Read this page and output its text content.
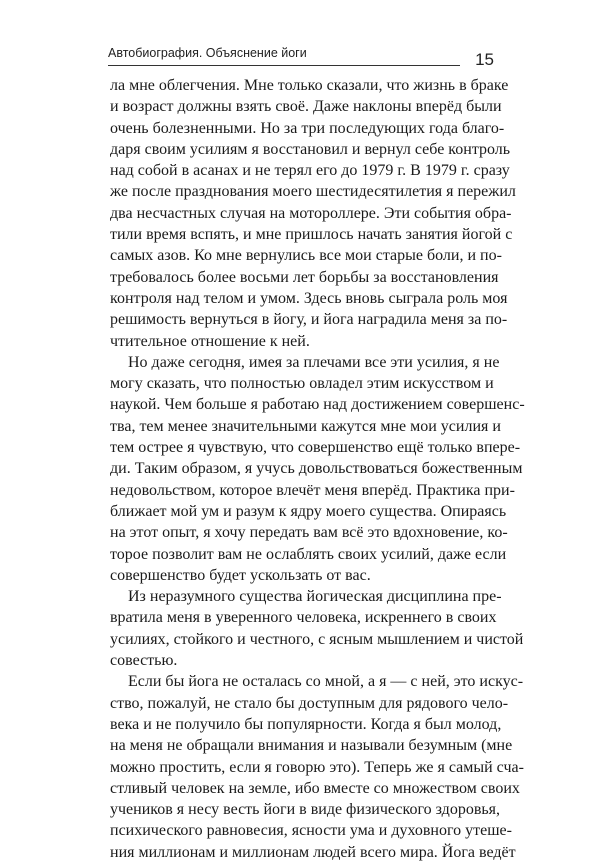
Автобиография. Объяснение йоги	15
ла мне облегчения. Мне только сказали, что жизнь в браке
и возраст должны взять своё. Даже наклоны вперёд были
очень болезненными. Но за три последующих года благо-
даря своим усилиям я восстановил и вернул себе контроль
над собой в асанах и не терял его до 1979 г. В 1979 г. сразу
же после празднования моего шестидесятилетия я пережил
два несчастных случая на мотороллере. Эти события обра-
тили время вспять, и мне пришлось начать занятия йогой с
самых азов. Ко мне вернулись все мои старые боли, и по-
требовалось более восьми лет борьбы за восстановления
контроля над телом и умом. Здесь вновь сыграла роль моя
решимость вернуться в йогу, и йога наградила меня за по-
чтительное отношение к ней.
Но даже сегодня, имея за плечами все эти усилия, я не
могу сказать, что полностью овладел этим искусством и
наукой. Чем больше я работаю над достижением совершенс-
тва, тем менее значительными кажутся мне мои усилия и
тем острее я чувствую, что совершенство ещё только впере-
ди. Таким образом, я учусь довольствоваться божественным
недовольством, которое влечёт меня вперёд. Практика при-
ближает мой ум и разум к ядру моего существа. Опираясь
на этот опыт, я хочу передать вам всё это вдохновение, ко-
торое позволит вам не ослаблять своих усилий, даже если
совершенство будет ускользать от вас.
Из неразумного существа йогическая дисциплина пре-
вратила меня в уверенного человека, искреннего в своих
усилиях, стойкого и честного, с ясным мышлением и чистой
совестью.
Если бы йога не осталась со мной, а я — с ней, это искус-
ство, пожалуй, не стало бы доступным для рядового чело-
века и не получило бы популярности. Когда я был молод,
на меня не обращали внимания и называли безумным (мне
можно простить, если я говорю это). Теперь же я самый сча-
стливый человек на земле, ибо вместе со множеством своих
учеников я несу весть йоги в виде физического здоровья,
психического равновесия, ясности ума и духовного утеше-
ния миллионам и миллионам людей всего мира. Йога ведёт
